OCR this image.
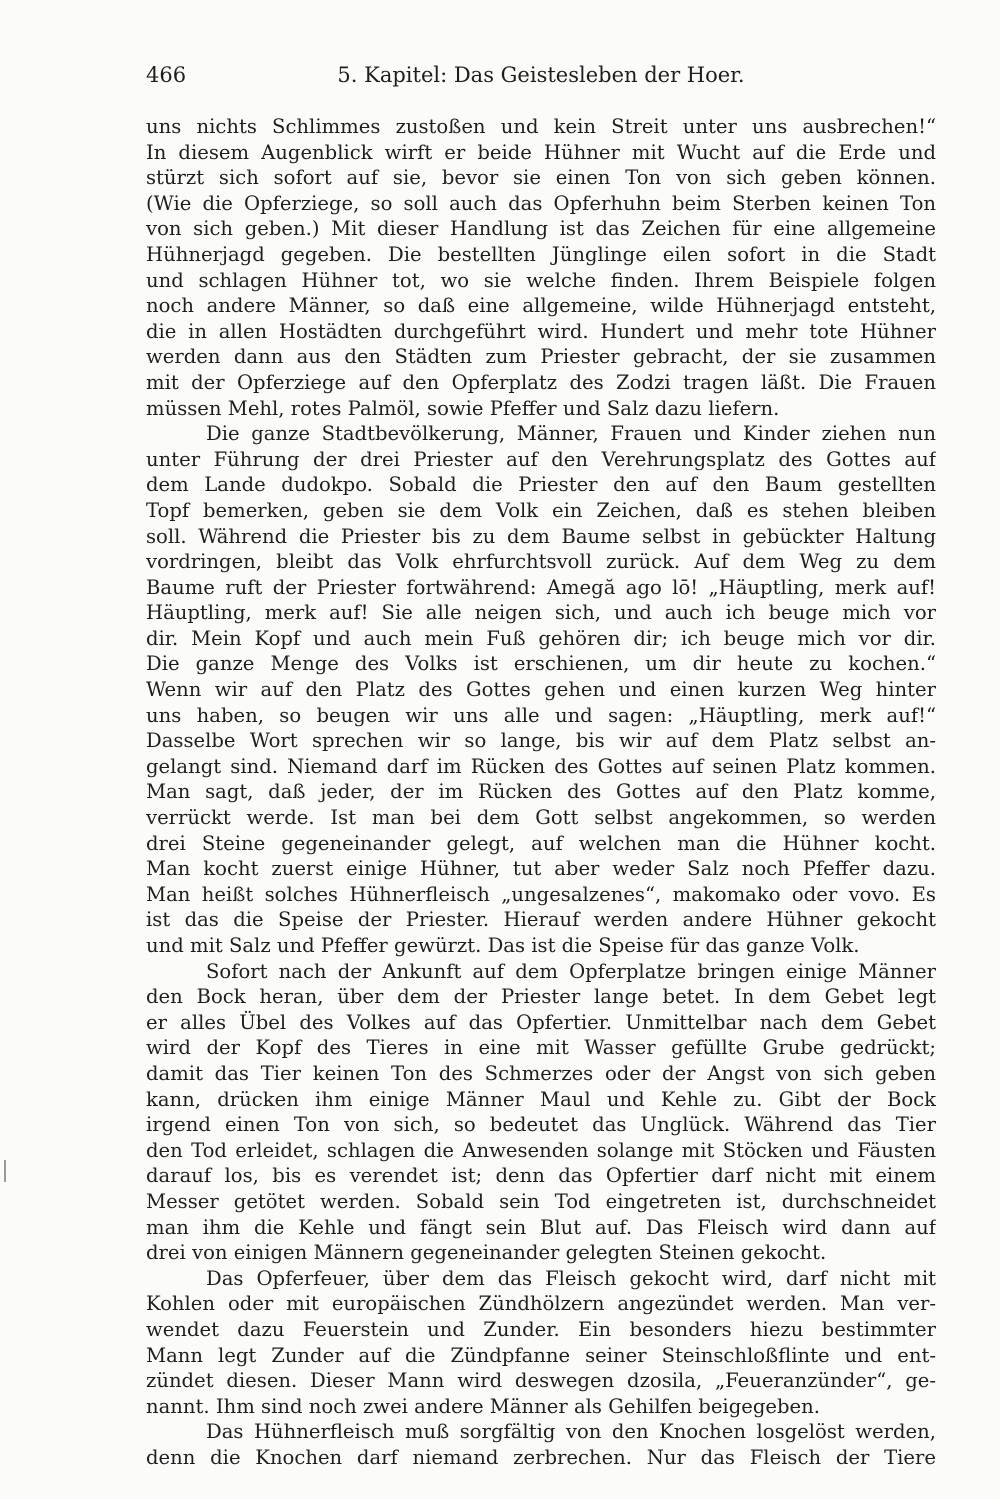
466	5. Kapitel: Das Geistesleben der Hoer.
uns nichts Schlimmes zustoßen und kein Streit unter uns ausbrechen!“
In diesem Augenblick wirft er beide Hühner mit Wucht auf die Erde und
stürzt sich sofort auf sie, bevor sie einen Ton von sich geben können.
(Wie die Opferziege, so soll auch das Opferhuhn beim Sterben keinen Ton
von sich geben.) Mit dieser Handlung ist das Zeichen für eine allgemeine
Hühnerjagd gegeben. Die bestellten Jünglinge eilen sofort in die Stadt
und schlagen Hühner tot, wo sie welche finden. Ihrem Beispiele folgen
noch andere Männer, so daß eine allgemeine, wilde Hühnerjagd entsteht,
die in allen Hostädten durchgeführt wird. Hundert und mehr tote Hühner
werden dann aus den Städten zum Priester gebracht, der sie zusammen
mit der Opferziege auf den Opferplatz des Zodzi tragen läßt. Die Frauen
müssen Mehl, rotes Palmöl, sowie Pfeffer und Salz dazu liefern.
Die ganze Stadtbevölkerung, Männer, Frauen und Kinder ziehen nun
unter Führung der drei Priester auf den Verehrungsplatz des Gottes auf
dem Lande dudokpo. Sobald die Priester den auf den Baum gestellten
Topf bemerken, geben sie dem Volk ein Zeichen, daß es stehen bleiben
soll. Während die Priester bis zu dem Baume selbst in gebückter Haltung
vordringen, bleibt das Volk ehrfurchtsvoll zurück. Auf dem Weg zu dem
Baume ruft der Priester fortwährend: Amegă ago lō! „Häuptling, merk auf!
Häuptling, merk auf! Sie alle neigen sich, und auch ich beuge mich vor
dir. Mein Kopf und auch mein Fuß gehören dir; ich beuge mich vor dir.
Die ganze Menge des Volks ist erschienen, um dir heute zu kochen.“
Wenn wir auf den Platz des Gottes gehen und einen kurzen Weg hinter
uns haben, so beugen wir uns alle und sagen: „Häuptling, merk auf!“
Dasselbe Wort sprechen wir so lange, bis wir auf dem Platz selbst an-
gelangt sind. Niemand darf im Rücken des Gottes auf seinen Platz kommen.
Man sagt, daß jeder, der im Rücken des Gottes auf den Platz komme,
verrückt werde. Ist man bei dem Gott selbst angekommen, so werden
drei Steine gegeneinander gelegt, auf welchen man die Hühner kocht.
Man kocht zuerst einige Hühner, tut aber weder Salz noch Pfeffer dazu.
Man heißt solches Hühnerfleisch „ungesalzenes“, makomako oder vovo. Es
ist das die Speise der Priester. Hierauf werden andere Hühner gekocht
und mit Salz und Pfeffer gewürzt. Das ist die Speise für das ganze Volk.
Sofort nach der Ankunft auf dem Opferplatze bringen einige Männer
den Bock heran, über dem der Priester lange betet. In dem Gebet legt
er alles Übel des Volkes auf das Opfertier. Unmittelbar nach dem Gebet
wird der Kopf des Tieres in eine mit Wasser gefüllte Grube gedrückt;
damit das Tier keinen Ton des Schmerzes oder der Angst von sich geben
kann, drücken ihm einige Männer Maul und Kehle zu. Gibt der Bock
irgend einen Ton von sich, so bedeutet das Unglück. Während das Tier
den Tod erleidet, schlagen die Anwesenden solange mit Stöcken und Fäusten
darauf los, bis es verendet ist; denn das Opfertier darf nicht mit einem
Messer getötet werden. Sobald sein Tod eingetreten ist, durchschneidet
man ihm die Kehle und fängt sein Blut auf. Das Fleisch wird dann auf
drei von einigen Männern gegeneinander gelegten Steinen gekocht.
Das Opferfeuer, über dem das Fleisch gekocht wird, darf nicht mit
Kohlen oder mit europäischen Zündhölzern angezündet werden. Man ver-
wendet dazu Feuerstein und Zunder. Ein besonders hiezu bestimmter
Mann legt Zunder auf die Zündpfanne seiner Steinschloßflinte und ent-
zündet diesen. Dieser Mann wird deswegen dzosila, „Feueranzünder“, ge-
nannt. Ihm sind noch zwei andere Männer als Gehilfen beigegeben.
Das Hühnerfleisch muß sorgfältig von den Knochen losgelöst werden,
denn die Knochen darf niemand zerbrechen. Nur das Fleisch der Tiere
